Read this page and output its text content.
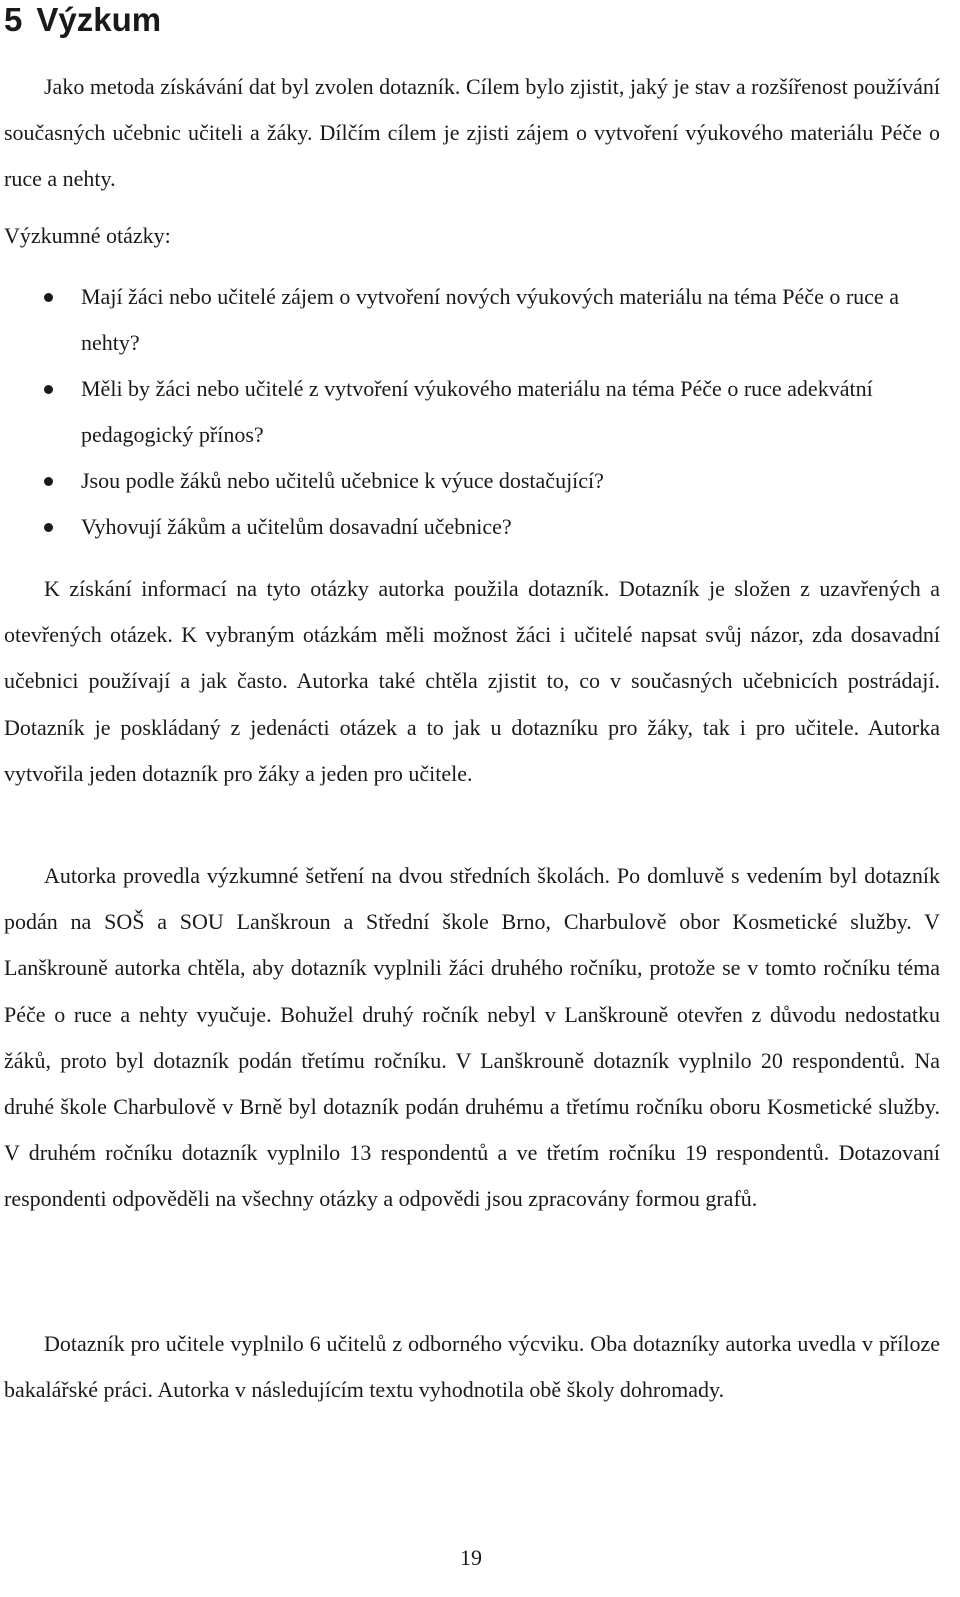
5 Výzkum

Jako metoda získávání dat byl zvolen dotazník. Cílem bylo zjistit, jaký je stav a rozšířenost používání současných učebnic učiteli a žáky. Dílčím cílem je zjisti zájem o vytvoření výukového materiálu Péče o ruce a nehty.

Výzkumné otázky:

Mají žáci nebo učitelé zájem o vytvoření nových výukových materiálu na téma Péče o ruce a nehty?
Měli by žáci nebo učitelé z vytvoření výukového materiálu na téma Péče o ruce adekvátní pedagogický přínos?
Jsou podle žáků nebo učitelů učebnice k výuce dostačující?
Vyhovují žákům a učitelům dosavadní učebnice?

K získání informací na tyto otázky autorka použila dotazník. Dotazník je složen z uzavřených a otevřených otázek. K vybraným otázkám měli možnost žáci i učitelé napsat svůj názor, zda dosavadní učebnici používají a jak často. Autorka také chtěla zjistit to, co v současných učebnicích postrádají. Dotazník je poskládaný z jedenácti otázek a to jak u dotazníku pro žáky, tak i pro učitele. Autorka vytvořila jeden dotazník pro žáky a jeden pro učitele.

Autorka provedla výzkumné šetření na dvou středních školách. Po domluvě s vedením byl dotazník podán na SOŠ a SOU Lanškroun a Střední škole Brno, Charbulově obor Kosmetické služby. V Lanškrouně autorka chtěla, aby dotazník vyplnili žáci druhého ročníku, protože se v tomto ročníku téma Péče o ruce a nehty vyučuje. Bohužel druhý ročník nebyl v Lanškrouně otevřen z důvodu nedostatku žáků, proto byl dotazník podán třetímu ročníku. V Lanškrouně dotazník vyplnilo 20 respondentů. Na druhé škole Charbulově v Brně byl dotazník podán druhému a třetímu ročníku oboru Kosmetické služby. V druhém ročníku dotazník vyplnilo 13 respondentů a ve třetím ročníku 19 respondentů. Dotazovaní respondenti odpověděli na všechny otázky a odpovědi jsou zpracovány formou grafů.

Dotazník pro učitele vyplnilo 6 učitelů z odborného výcviku. Oba dotazníky autorka uvedla v příloze bakalářské práci. Autorka v následujícím textu vyhodnotila obě školy dohromady.

19
